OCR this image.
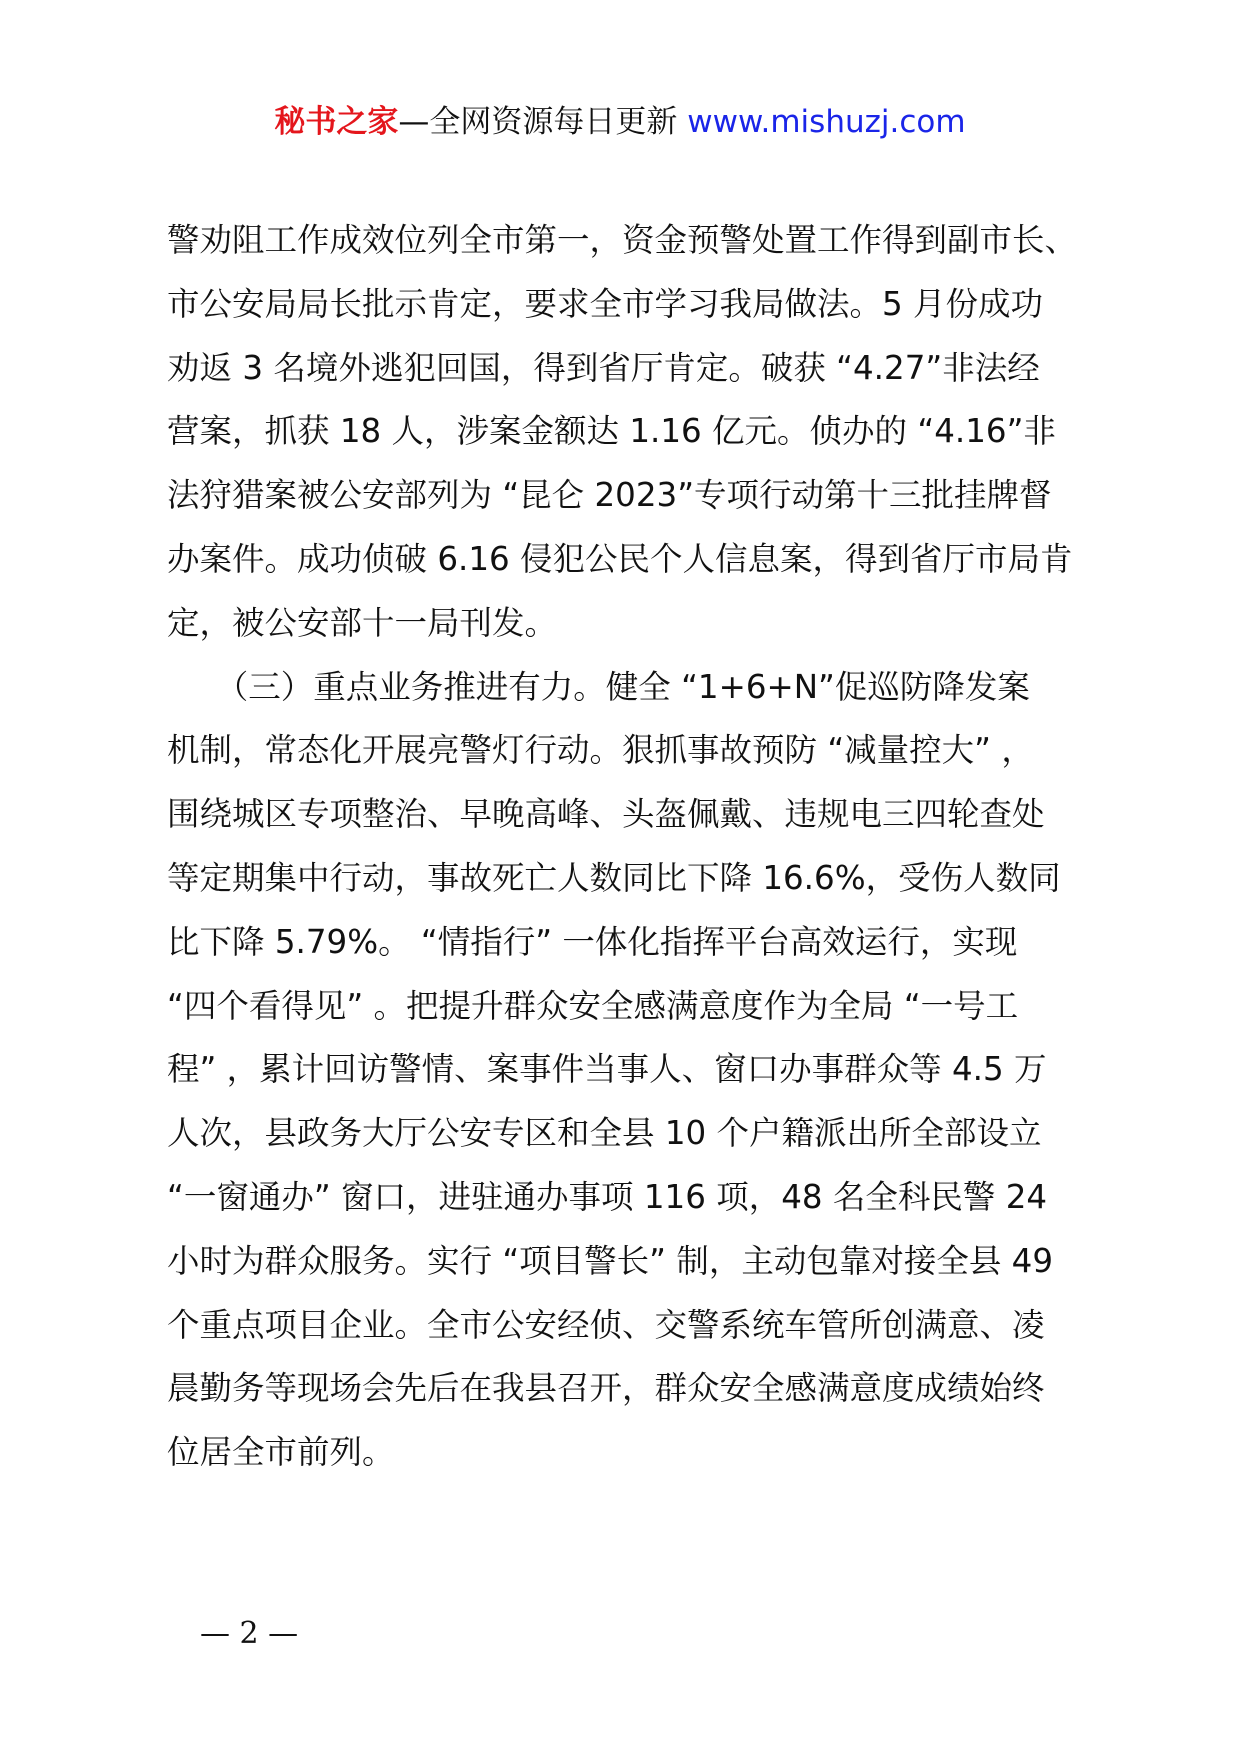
秘书之家—全网资源每日更新 www.mishuzj.com
警劝阻工作成效位列全市第一，资金预警处置工作得到副市长、
市公安局局长批示肯定，要求全市学习我局做法。5 月份成功
劝返 3 名境外逃犯回国，得到省厅肯定。破获 “4.27”非法经
营案，抓获 18 人，涉案金额达 1.16 亿元。侦办的 “4.16”非
法狩猎案被公安部列为 “昆仑 2023”专项行动第十三批挂牌督
办案件。成功侦破 6.16 侵犯公民个人信息案，得到省厅市局肯
定，被公安部十一局刊发。
　　（三）重点业务推进有力。健全 “1+6+N”促巡防降发案
机制，常态化开展亮警灯行动。狠抓事故预防 “减量控大” ，
围绕城区专项整治、早晚高峰、头盔佩戴、违规电三四轮查处
等定期集中行动，事故死亡人数同比下降 16.6%，受伤人数同
比下降 5.79%。 “情指行” 一体化指挥平台高效运行，实现
“四个看得见” 。把提升群众安全感满意度作为全局 “一号工
程” ，累计回访警情、案事件当事人、窗口办事群众等 4.5 万
人次，县政务大厅公安专区和全县 10 个户籍派出所全部设立
“一窗通办” 窗口，进驻通办事项 116 项，48 名全科民警 24
小时为群众服务。实行 “项目警长” 制，主动包靠对接全县 49
个重点项目企业。全市公安经侦、交警系统车管所创满意、凌
晨勤务等现场会先后在我县召开，群众安全感满意度成绩始终
位居全市前列。
— 2 —
